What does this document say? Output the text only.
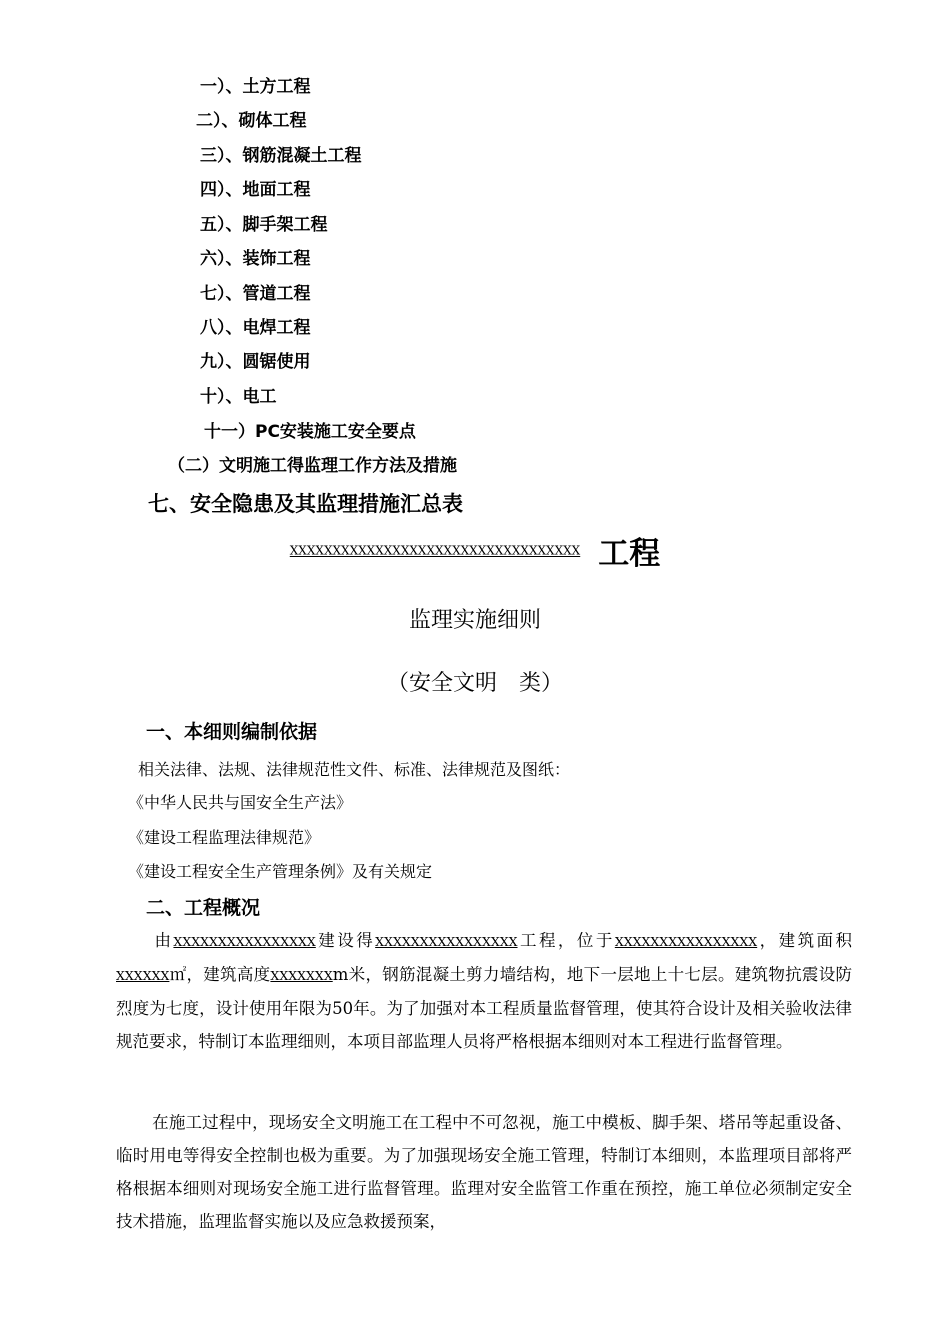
一）、土方工程
二）、砌体工程
三）、钢筋混凝土工程
四）、地面工程
五）、脚手架工程
六）、装饰工程
七）、管道工程
八）、电焊工程
九）、圆锯使用
十）、电工
十一）PC安装施工安全要点
（二）文明施工得监理工作方法及措施
七、安全隐患及其监理措施汇总表
XXXXXXXXXXXXXXXXXXXXXXXXXXXXXXXXXX 工程
监理实施细则
（安全文明　类）
一、本细则编制依据
相关法律、法规、法律规范性文件、标准、法律规范及图纸：
《中华人民共与国安全生产法》
《建设工程监理法律规范》
《建设工程安全生产管理条例》及有关规定
二、工程概况
由XXXXXXXXXXXXXXXX建设得XXXXXXXXXXXXXXXX工程，位于XXXXXXXXXXXXXXXX，建筑面积XXXXXX㎡，建筑高度XXXXXXXm米，钢筋混凝土剪力墙结构，地下一层地上十七层。建筑物抗震设防烈度为七度，设计使用年限为50年。为了加强对本工程质量监督管理，使其符合设计及相关验收法律规范要求，特制订本监理细则，本项目部监理人员将严格根据本细则对本工程进行监督管理。
在施工过程中，现场安全文明施工在工程中不可忽视，施工中模板、脚手架、塔吊等起重设备、临时用电等得安全控制也极为重要。为了加强现场安全施工管理，特制订本细则，本监理项目部将严格根据本细则对现场安全施工进行监督管理。监理对安全监管工作重在预控，施工单位必须制定安全技术措施，监理监督实施以及应急救援预案，
